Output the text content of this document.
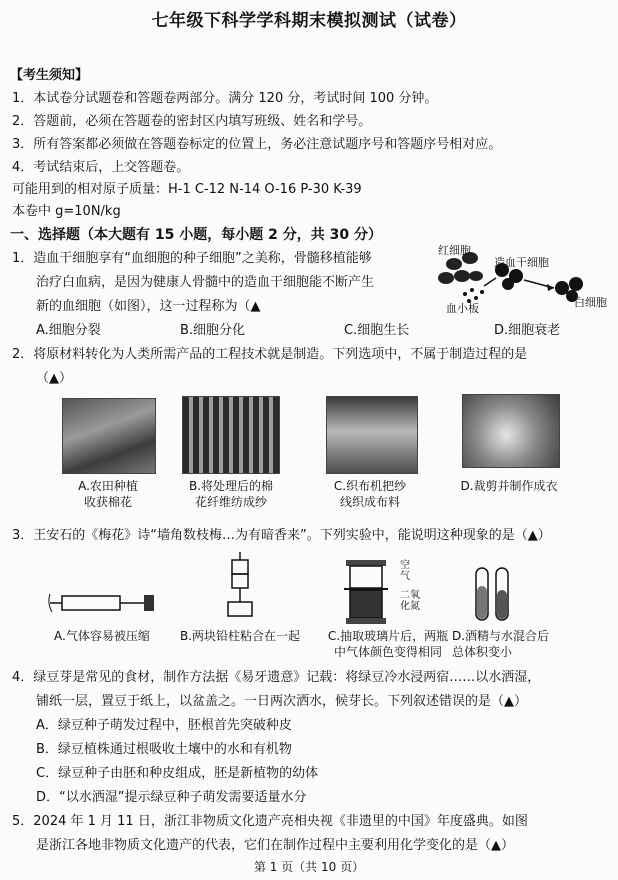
七年级下科学学科期末模拟测试（试卷）
【考生须知】
1．本试卷分试题卷和答题卷两部分。满分 120 分，考试时间 100 分钟。
2．答题前，必须在答题卷的密封区内填写班级、姓名和学号。
3．所有答案都必须做在答题卷标定的位置上，务必注意试题序号和答题序号相对应。
4．考试结束后，上交答题卷。
可能用到的相对原子质量：H-1 C-12 N-14 O-16 P-30 K-39
本卷中 g=10N/kg
一、选择题（本大题有 15 小题，每小题 2 分，共 30 分）
1．造血干细胞享有“血细胞的种子细胞”之美称，骨髓移植能够
治疗白血病，是因为健康人骨髓中的造血干细胞能不断产生
新的血细胞（如图），这一过程称为（▲
A.细胞分裂	B.细胞分化	C.细胞生长	D.细胞衰老
红细胞
造血干细胞
血小板	白细胞
2．将原材料转化为人类所需产品的工程技术就是制造。下列选项中，不属于制造过程的是
（▲）
A.农田种植
收获棉花
B.将处理后的棉
花纤维纺成纱
C.织布机把纱
线织成布料
D.裁剪并制作成衣
3．王安石的《梅花》诗“墙角数枝梅…为有暗香来”。下列实验中，能说明这种现象的是（▲）
空气
二氧化氮
A.气体容易被压缩	B.两块铅柱粘合在一起	C.抽取玻璃片后，两瓶
中气体颜色变得相同
D.酒精与水混合后
总体积变小
4．绿豆芽是常见的食材，制作方法据《易牙遗意》记载：将绿豆冷水浸两宿……以水洒湿，
铺纸一层，置豆于纸上，以盆盖之。一日两次洒水，候芽长。下列叙述错误的是（▲）
A．绿豆种子萌发过程中，胚根首先突破种皮
B．绿豆植株通过根吸收土壤中的水和有机物
C．绿豆种子由胚和种皮组成，胚是新植物的幼体
D．“以水洒湿”提示绿豆种子萌发需要适量水分
5．2024 年 1 月 11 日，浙江非物质文化遗产亮相央视《非遗里的中国》年度盛典。如图
是浙江各地非物质文化遗产的代表，它们在制作过程中主要利用化学变化的是（▲）
第 1 页（共 10 页）
